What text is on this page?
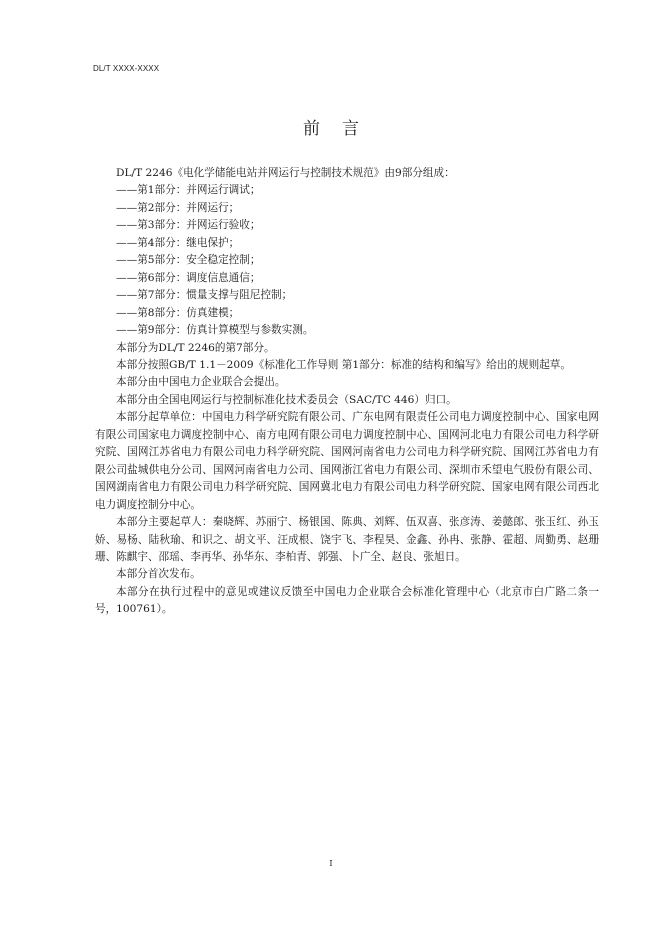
DL/T XXXX-XXXX
前言

DL/T 2246《电化学储能电站并网运行与控制技术规范》由9部分组成：

——第1部分：并网运行调试；

——第2部分：并网运行；

——第3部分：并网运行验收；

——第4部分：继电保护；

——第5部分：安全稳定控制；

——第6部分：调度信息通信；

——第7部分：惯量支撑与阻尼控制；

——第8部分：仿真建模；

——第9部分：仿真计算模型与参数实测。

本部分为DL/T 2246的第7部分。

本部分按照GB/T 1.1－2009《标准化工作导则 第1部分：标准的结构和编写》给出的规则起草。

本部分由中国电力企业联合会提出。

本部分由全国电网运行与控制标准化技术委员会（SAC/TC 446）归口。

本部分起草单位：中国电力科学研究院有限公司、广东电网有限责任公司电力调度控制中心、国家电网有限公司国家电力调度控制中心、南方电网有限公司电力调度控制中心、国网河北电力有限公司电力科学研究院、国网江苏省电力有限公司电力科学研究院、国网河南省电力公司电力科学研究院、国网江苏省电力有限公司盐城供电分公司、国网河南省电力公司、国网浙江省电力有限公司、深圳市禾望电气股份有限公司、国网湖南省电力有限公司电力科学研究院、国网冀北电力有限公司电力科学研究院、国家电网有限公司西北电力调度控制分中心。

本部分主要起草人：秦晓辉、苏丽宁、杨银国、陈典、刘辉、伍双喜、张彦涛、姜懿郎、张玉红、孙玉娇、易杨、陆秋瑜、和识之、胡文平、汪成根、饶宇飞、李程昊、金鑫、孙冉、张静、霍超、周勤勇、赵珊珊、陈麒宇、邵瑶、李再华、孙华东、李柏青、郭强、卜广全、赵良、张旭日。

本部分首次发布。

本部分在执行过程中的意见或建议反馈至中国电力企业联合会标准化管理中心（北京市白广路二条一号，100761）。

I
